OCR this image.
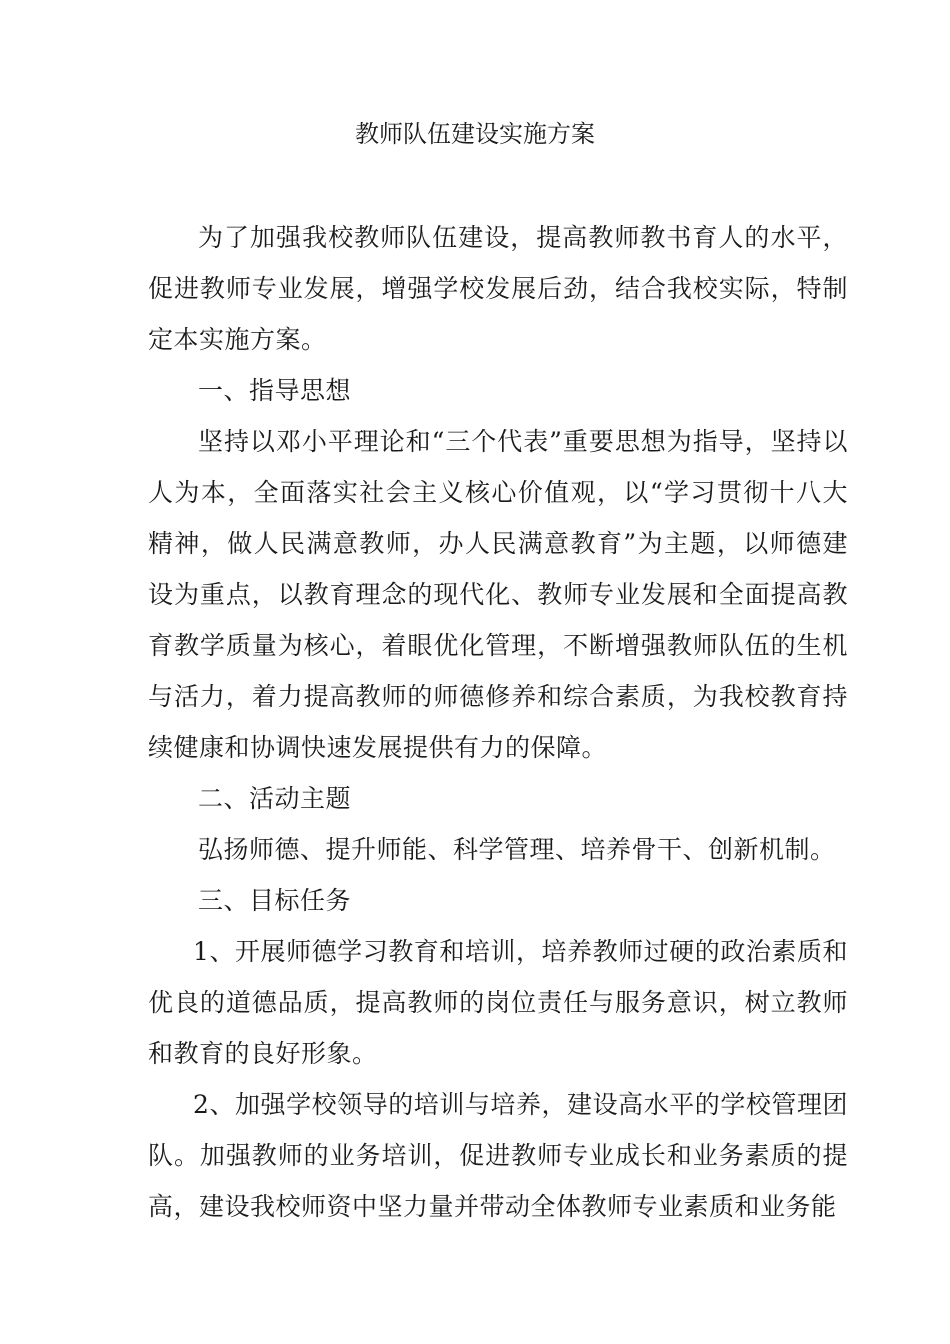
教师队伍建设实施方案

为了加强我校教师队伍建设，提高教师教书育人的水平，促进教师专业发展，增强学校发展后劲，结合我校实际，特制定本实施方案。

一、指导思想

坚持以邓小平理论和“三个代表”重要思想为指导，坚持以人为本，全面落实社会主义核心价值观，以“学习贯彻十八大精神，做人民满意教师，办人民满意教育”为主题，以师德建设为重点，以教育理念的现代化、教师专业发展和全面提高教育教学质量为核心，着眼优化管理，不断增强教师队伍的生机与活力，着力提高教师的师德修养和综合素质，为我校教育持续健康和协调快速发展提供有力的保障。

二、活动主题

弘扬师德、提升师能、科学管理、培养骨干、创新机制。

三、目标任务

1、开展师德学习教育和培训，培养教师过硬的政治素质和优良的道德品质，提高教师的岗位责任与服务意识，树立教师和教育的良好形象。

2、加强学校领导的培训与培养，建设高水平的学校管理团队。加强教师的业务培训，促进教师专业成长和业务素质的提高，建设我校师资中坚力量并带动全体教师专业素质和业务能
